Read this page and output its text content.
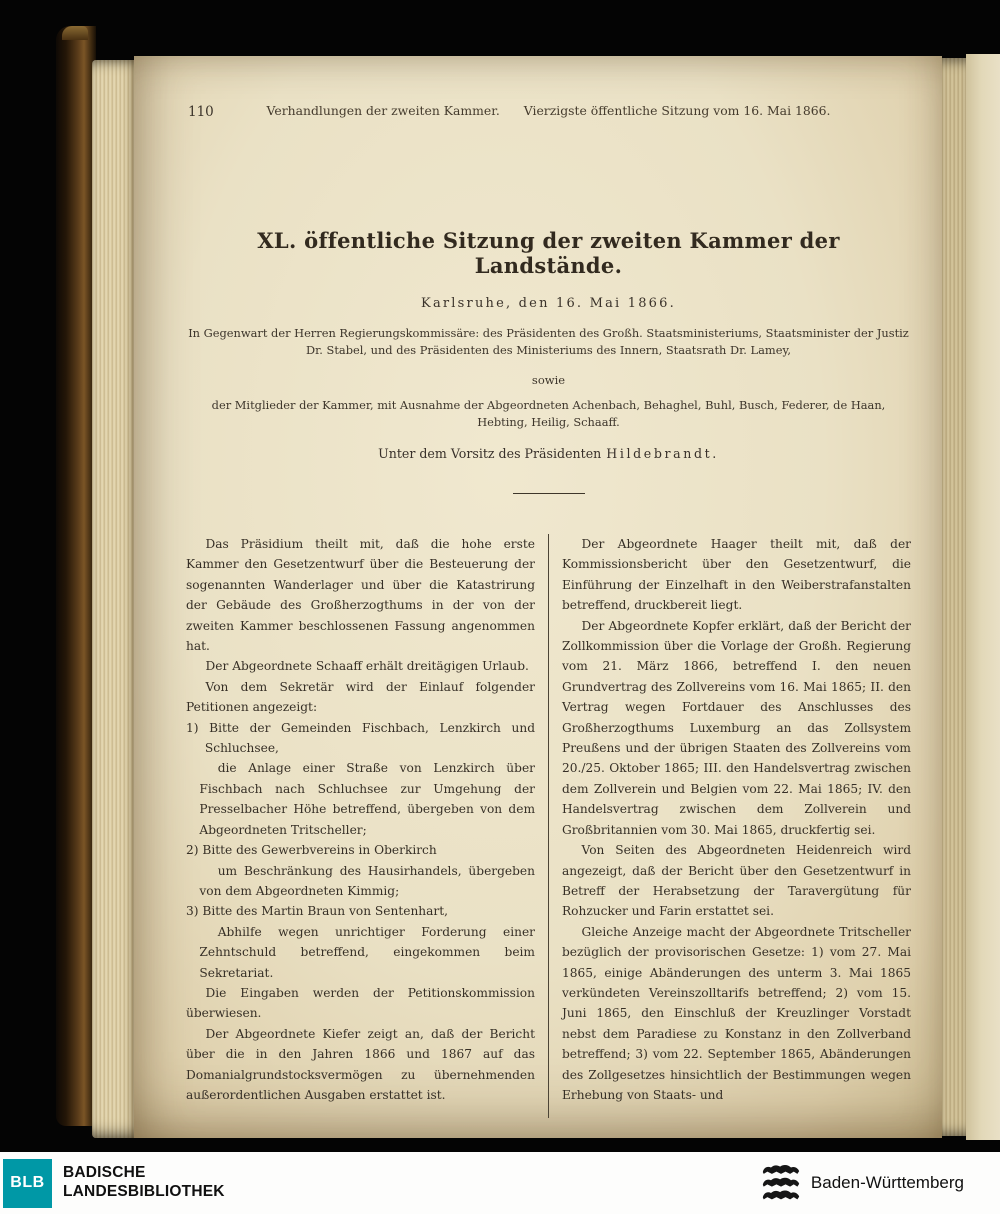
110	Verhandlungen der zweiten Kammer. Vierzigste öffentliche Sitzung vom 16. Mai 1866.
XL. öffentliche Sitzung der zweiten Kammer der Landstände.
Karlsruhe, den 16. Mai 1866.

In Gegenwart der Herren Regierungskommissäre: des Präsidenten des Großh. Staatsministeriums, Staatsminister der Justiz Dr. Stabel, und des Präsidenten des Ministeriums des Innern, Staatsrath Dr. Lamey,

sowie

der Mitglieder der Kammer, mit Ausnahme der Abgeordneten Achenbach, Behaghel, Buhl, Busch, Federer, de Haan, Hebting, Heilig, Schaaff.

Unter dem Vorsitz des Präsidenten Hildebrandt.

Das Präsidium theilt mit, daß die hohe erste Kammer den Gesetzentwurf über die Besteuerung der sogenannten Wanderlager und über die Katastrirung der Gebäude des Großherzogthums in der von der zweiten Kammer beschlossenen Fassung angenommen hat.

Der Abgeordnete Schaaff erhält dreitägigen Urlaub.

Von dem Sekretär wird der Einlauf folgender Petitionen angezeigt:

1) Bitte der Gemeinden Fischbach, Lenzkirch und Schluchsee,

die Anlage einer Straße von Lenzkirch über Fischbach nach Schluchsee zur Umgehung der Presselbacher Höhe betreffend, übergeben von dem Abgeordneten Tritscheller;

2) Bitte des Gewerbvereins in Oberkirch

um Beschränkung des Hausirhandels, übergeben von dem Abgeordneten Kimmig;

3) Bitte des Martin Braun von Sentenhart,

Abhilfe wegen unrichtiger Forderung einer Zehntschuld betreffend, eingekommen beim Sekretariat.

Die Eingaben werden der Petitionskommission überwiesen.

Der Abgeordnete Kiefer zeigt an, daß der Bericht über die in den Jahren 1866 und 1867 auf das Domanialgrundstocksvermögen zu übernehmenden außerordentlichen Ausgaben erstattet ist.

Der Abgeordnete Haager theilt mit, daß der Kommissionsbericht über den Gesetzentwurf, die Einführung der Einzelhaft in den Weiberstrafanstalten betreffend, druckbereit liegt.

Der Abgeordnete Kopfer erklärt, daß der Bericht der Zollkommission über die Vorlage der Großh. Regierung vom 21. März 1866, betreffend I. den neuen Grundvertrag des Zollvereins vom 16. Mai 1865; II. den Vertrag wegen Fortdauer des Anschlusses des Großherzogthums Luxemburg an das Zollsystem Preußens und der übrigen Staaten des Zollvereins vom 20./25. Oktober 1865; III. den Handelsvertrag zwischen dem Zollverein und Belgien vom 22. Mai 1865; IV. den Handelsvertrag zwischen dem Zollverein und Großbritannien vom 30. Mai 1865, druckfertig sei.

Von Seiten des Abgeordneten Heidenreich wird angezeigt, daß der Bericht über den Gesetzentwurf in Betreff der Herabsetzung der Taravergütung für Rohzucker und Farin erstattet sei.

Gleiche Anzeige macht der Abgeordnete Tritscheller bezüglich der provisorischen Gesetze: 1) vom 27. Mai 1865, einige Abänderungen des unterm 3. Mai 1865 verkündeten Vereinszolltarifs betreffend; 2) vom 15. Juni 1865, den Einschluß der Kreuzlinger Vorstadt nebst dem Paradiese zu Konstanz in den Zollverband betreffend; 3) vom 22. September 1865, Abänderungen des Zollgesetzes hinsichtlich der Bestimmungen wegen Erhebung von Staats- und

BLB
BADISCHE
LANDESBIBLIOTHEK	Baden-Württemberg
